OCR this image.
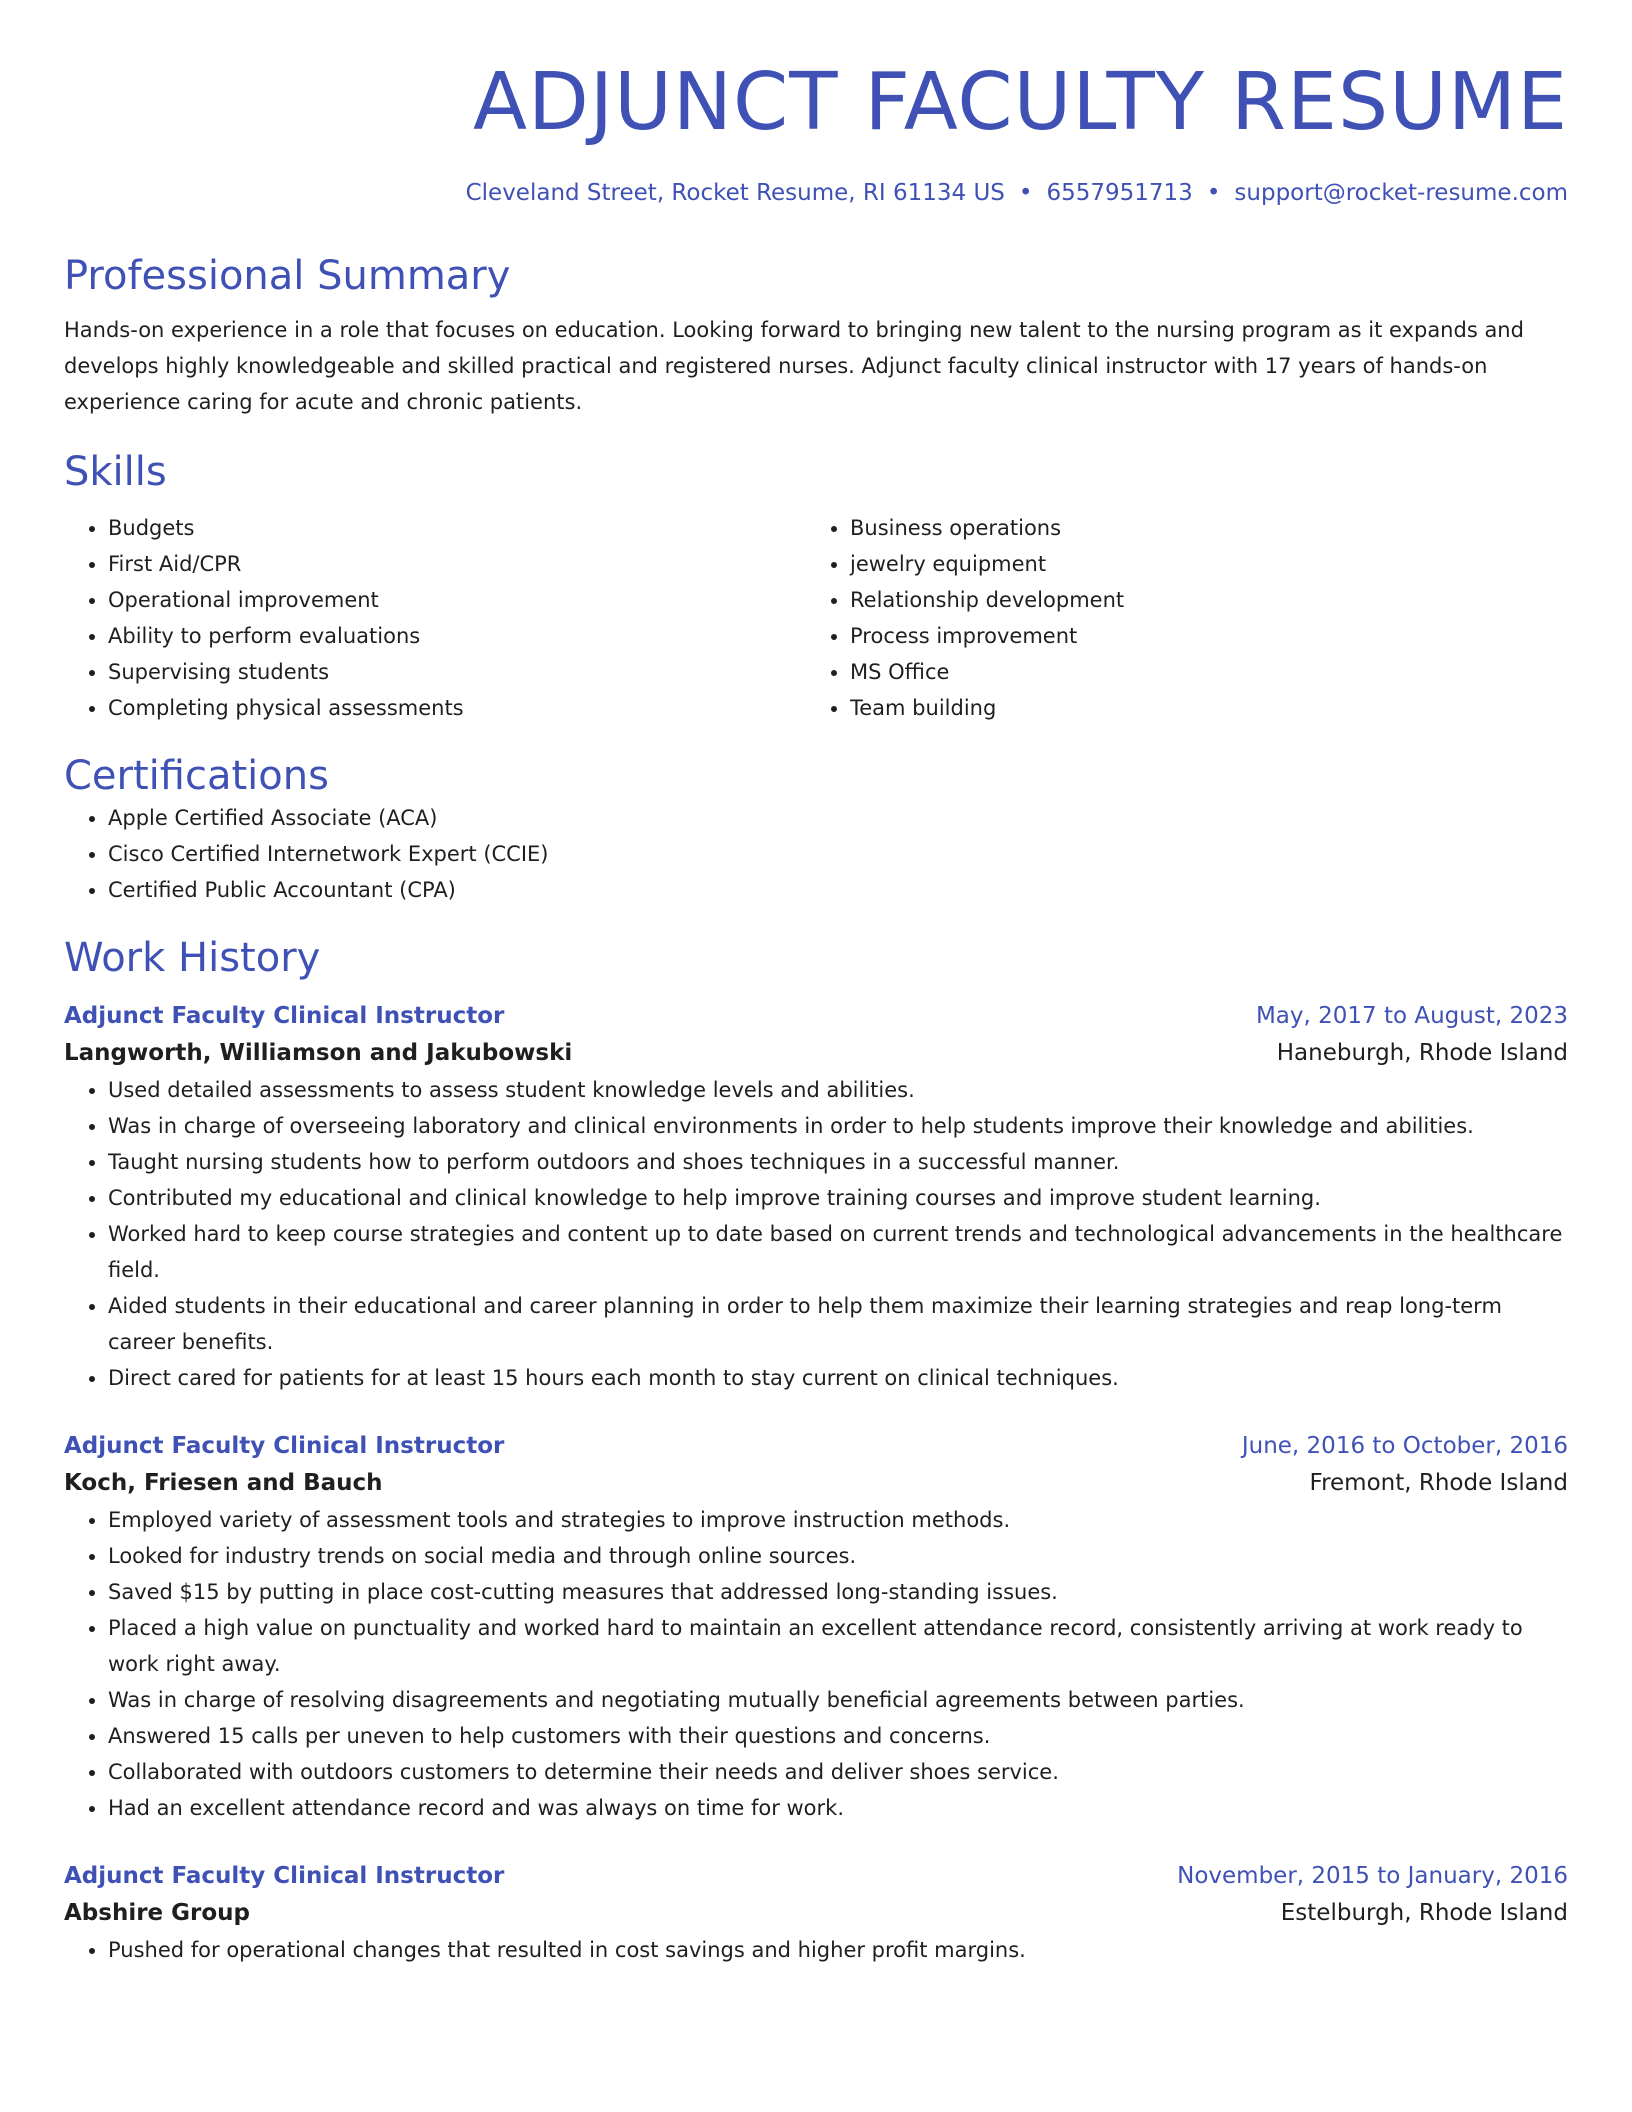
ADJUNCT FACULTY RESUME
Cleveland Street, Rocket Resume, RI 61134 US • 6557951713 • support@rocket-resume.com
Professional Summary

Hands-on experience in a role that focuses on education. Looking forward to bringing new talent to the nursing program as it expands and develops highly knowledgeable and skilled practical and registered nurses. Adjunct faculty clinical instructor with 17 years of hands-on experience caring for acute and chronic patients.

Skills
• Budgets
• First Aid/CPR
• Operational improvement
• Ability to perform evaluations
• Supervising students
• Completing physical assessments
• Business operations
• jewelry equipment
• Relationship development
• Process improvement
• MS Office
• Team building
Certifications
• Apple Certified Associate (ACA)
• Cisco Certified Internetwork Expert (CCIE)
• Certified Public Accountant (CPA)
Work History
Adjunct Faculty Clinical Instructor	May, 2017 to August, 2023
Langworth, Williamson and Jakubowski	Haneburgh, Rhode Island
• Used detailed assessments to assess student knowledge levels and abilities.
• Was in charge of overseeing laboratory and clinical environments in order to help students improve their knowledge and abilities.
• Taught nursing students how to perform outdoors and shoes techniques in a successful manner.
• Contributed my educational and clinical knowledge to help improve training courses and improve student learning.
• Worked hard to keep course strategies and content up to date based on current trends and technological advancements in the healthcare field.
• Aided students in their educational and career planning in order to help them maximize their learning strategies and reap long-term career benefits.
• Direct cared for patients for at least 15 hours each month to stay current on clinical techniques.
Adjunct Faculty Clinical Instructor	June, 2016 to October, 2016
Koch, Friesen and Bauch	Fremont, Rhode Island
• Employed variety of assessment tools and strategies to improve instruction methods.
• Looked for industry trends on social media and through online sources.
• Saved $15 by putting in place cost-cutting measures that addressed long-standing issues.
• Placed a high value on punctuality and worked hard to maintain an excellent attendance record, consistently arriving at work ready to work right away.
• Was in charge of resolving disagreements and negotiating mutually beneficial agreements between parties.
• Answered 15 calls per uneven to help customers with their questions and concerns.
• Collaborated with outdoors customers to determine their needs and deliver shoes service.
• Had an excellent attendance record and was always on time for work.
Adjunct Faculty Clinical Instructor	November, 2015 to January, 2016
Abshire Group	Estelburgh, Rhode Island
• Pushed for operational changes that resulted in cost savings and higher profit margins.
